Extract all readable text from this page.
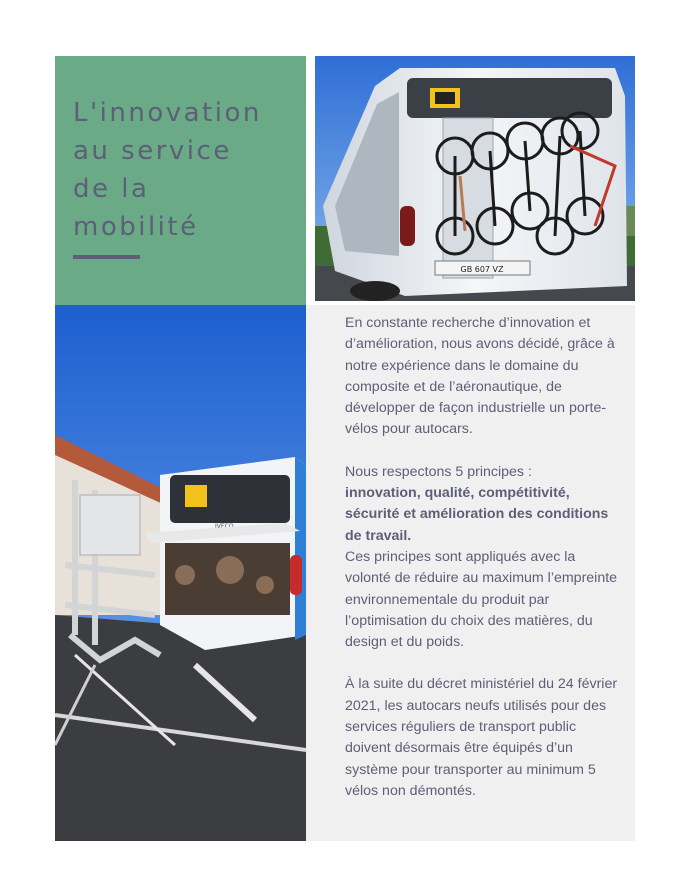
L'innovation
au service
de la
mobilité
GB 607 VZ
IVECO

En constante recherche d’innovation et d’amélioration, nous avons décidé, grâce à notre expérience dans le domaine du composite et de l’aéronautique, de développer de façon industrielle un porte-vélos pour autocars.

Nous respectons 5 principes :
innovation, qualité, compétitivité, sécurité et amélioration des conditions de travail.
Ces principes sont appliqués avec la volonté de réduire au maximum l’empreinte environnementale du produit par l’optimisation du choix des matières, du design et du poids.

À la suite du décret ministériel du 24 février 2021, les autocars neufs utilisés pour des services réguliers de transport public doivent désormais être équipés d’un système pour transporter au minimum 5 vélos non démontés.
